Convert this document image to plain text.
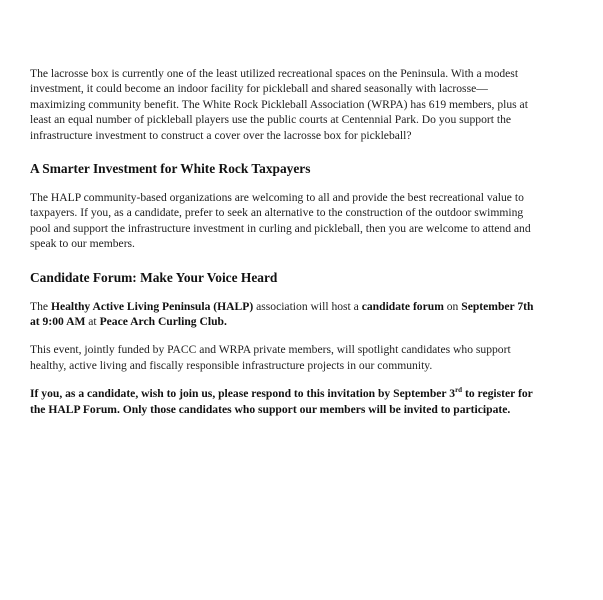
The lacrosse box is currently one of the least utilized recreational spaces on the Peninsula. With a modest investment, it could become an indoor facility for pickleball and shared seasonally with lacrosse—maximizing community benefit. The White Rock Pickleball Association (WRPA) has 619 members, plus at least an equal number of pickleball players use the public courts at Centennial Park. Do you support the infrastructure investment to construct a cover over the lacrosse box for pickleball?

A Smarter Investment for White Rock Taxpayers

The HALP community-based organizations are welcoming to all and provide the best recreational value to taxpayers. If you, as a candidate, prefer to seek an alternative to the construction of the outdoor swimming pool and support the infrastructure investment in curling and pickleball, then you are welcome to attend and speak to our members.

Candidate Forum: Make Your Voice Heard

The Healthy Active Living Peninsula (HALP) association will host a candidate forum on September 7th at 9:00 AM at Peace Arch Curling Club.

This event, jointly funded by PACC and WRPA private members, will spotlight candidates who support healthy, active living and fiscally responsible infrastructure projects in our community.

If you, as a candidate, wish to join us, please respond to this invitation by September 3rd to register for the HALP Forum. Only those candidates who support our members will be invited to participate.
